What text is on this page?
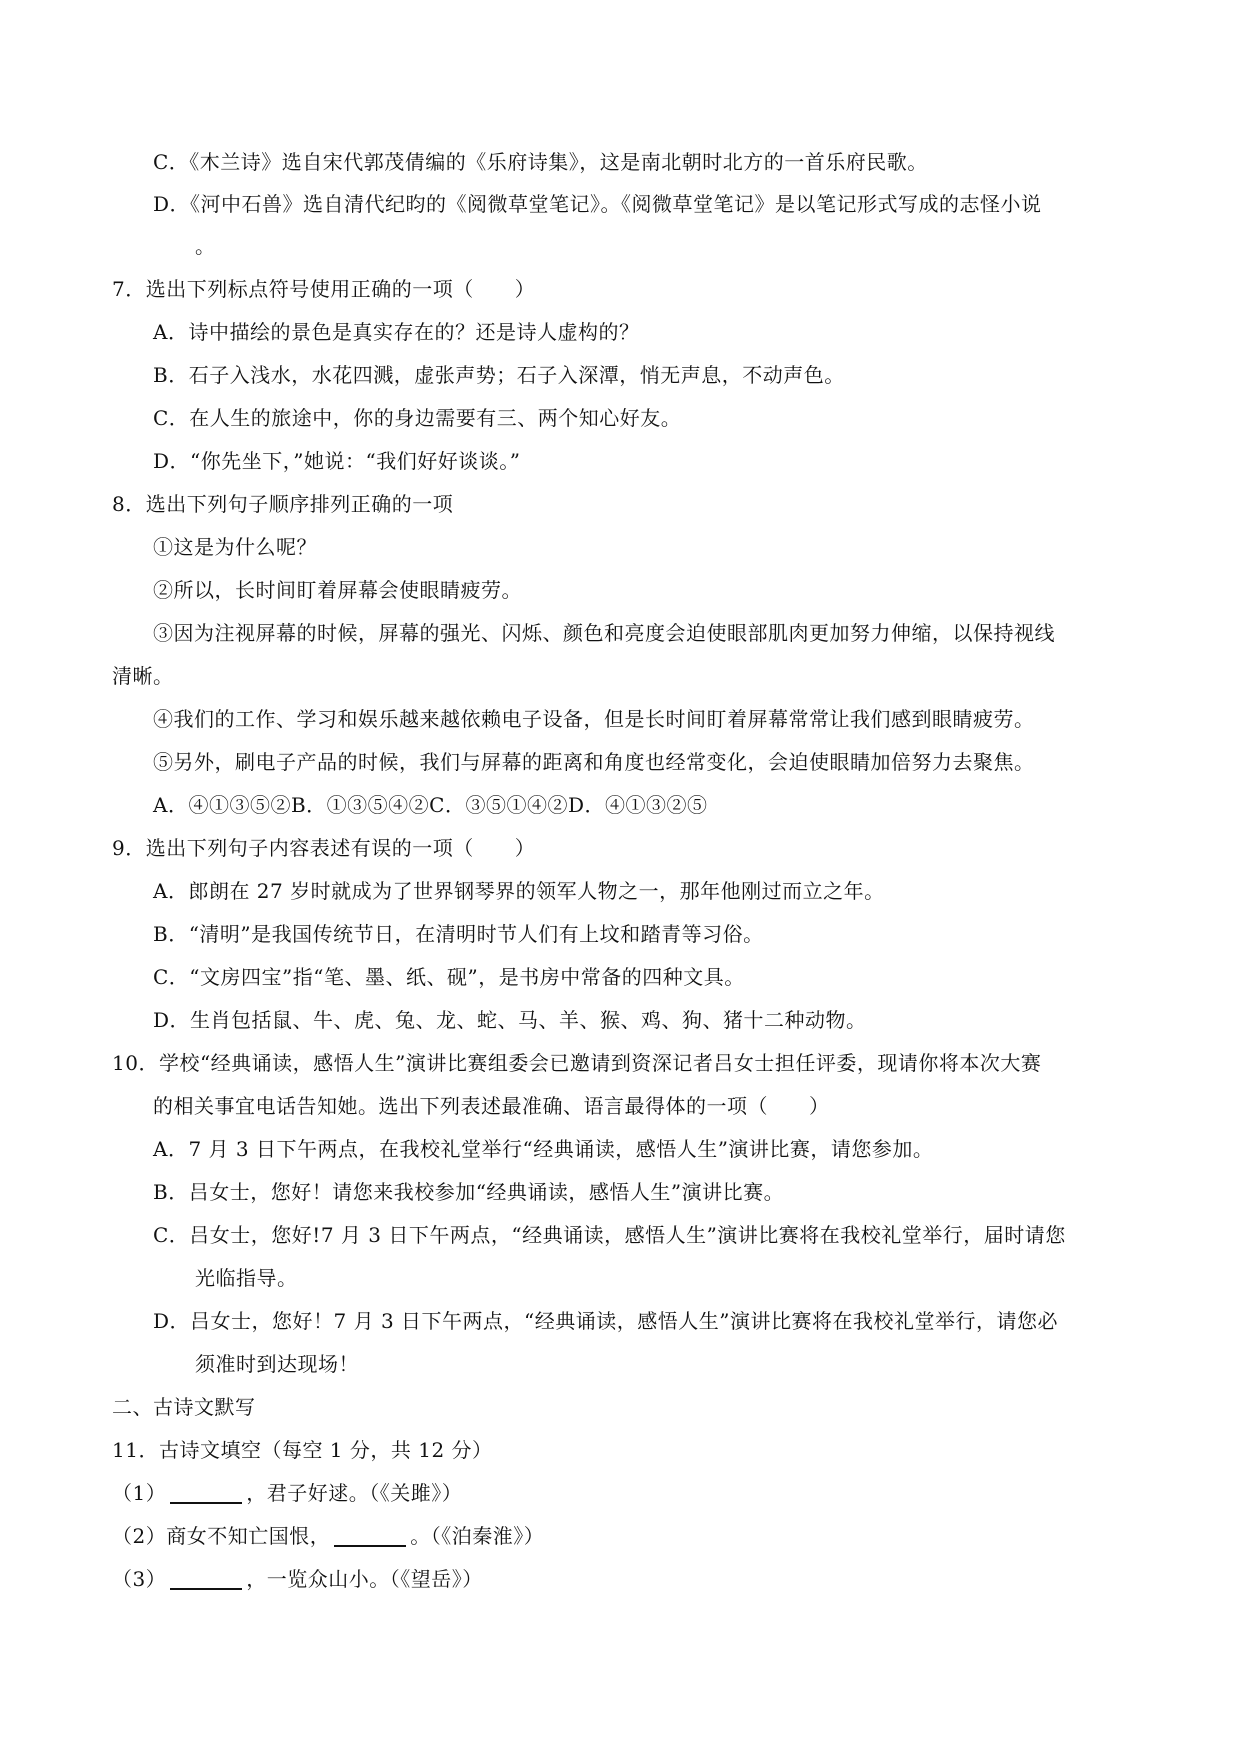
C．《木兰诗》选自宋代郭茂倩编的《乐府诗集》，这是南北朝时北方的一首乐府民歌。
D．《河中石兽》选自清代纪昀的《阅微草堂笔记》。《阅微草堂笔记》是以笔记形式写成的志怪小说
。
7．选出下列标点符号使用正确的一项（　　）
A．诗中描绘的景色是真实存在的？还是诗人虚构的？
B．石子入浅水，水花四溅，虚张声势；石子入深潭，悄无声息，不动声色。
C．在人生的旅途中，你的身边需要有三、两个知心好友。
D．“你先坐下，”她说：“我们好好谈谈。”
8．选出下列句子顺序排列正确的一项
①这是为什么呢？
②所以，长时间盯着屏幕会使眼睛疲劳。
③因为注视屏幕的时候，屏幕的强光、闪烁、颜色和亮度会迫使眼部肌肉更加努力伸缩，以保持视线
清晰。
④我们的工作、学习和娱乐越来越依赖电子设备，但是长时间盯着屏幕常常让我们感到眼睛疲劳。
⑤另外，刷电子产品的时候，我们与屏幕的距离和角度也经常变化，会迫使眼睛加倍努力去聚焦。
A．④①③⑤②B．①③⑤④②C．③⑤①④②D．④①③②⑤
9．选出下列句子内容表述有误的一项（　　）
A．郎朗在 27 岁时就成为了世界钢琴界的领军人物之一，那年他刚过而立之年。
B．“清明”是我国传统节日，在清明时节人们有上坟和踏青等习俗。
C．“文房四宝”指“笔、墨、纸、砚”，是书房中常备的四种文具。
D．生肖包括鼠、牛、虎、兔、龙、蛇、马、羊、猴、鸡、狗、猪十二种动物。
10．学校“经典诵读，感悟人生”演讲比赛组委会已邀请到资深记者吕女士担任评委，现请你将本次大赛
的相关事宜电话告知她。选出下列表述最准确、语言最得体的一项（　　）
A．7 月 3 日下午两点，在我校礼堂举行“经典诵读，感悟人生”演讲比赛，请您参加。
B．吕女士，您好！请您来我校参加“经典诵读，感悟人生”演讲比赛。
C．吕女士，您好!7 月 3 日下午两点，“经典诵读，感悟人生”演讲比赛将在我校礼堂举行，届时请您
光临指导。
D．吕女士，您好！7 月 3 日下午两点，“经典诵读，感悟人生”演讲比赛将在我校礼堂举行，请您必
须准时到达现场！
二、古诗文默写
11．古诗文填空（每空 1 分，共 12 分）
（1）	，君子好逑。（《关雎》）
（2）商女不知亡国恨，	。（《泊秦淮》）
（3）	，一览众山小。（《望岳》）
